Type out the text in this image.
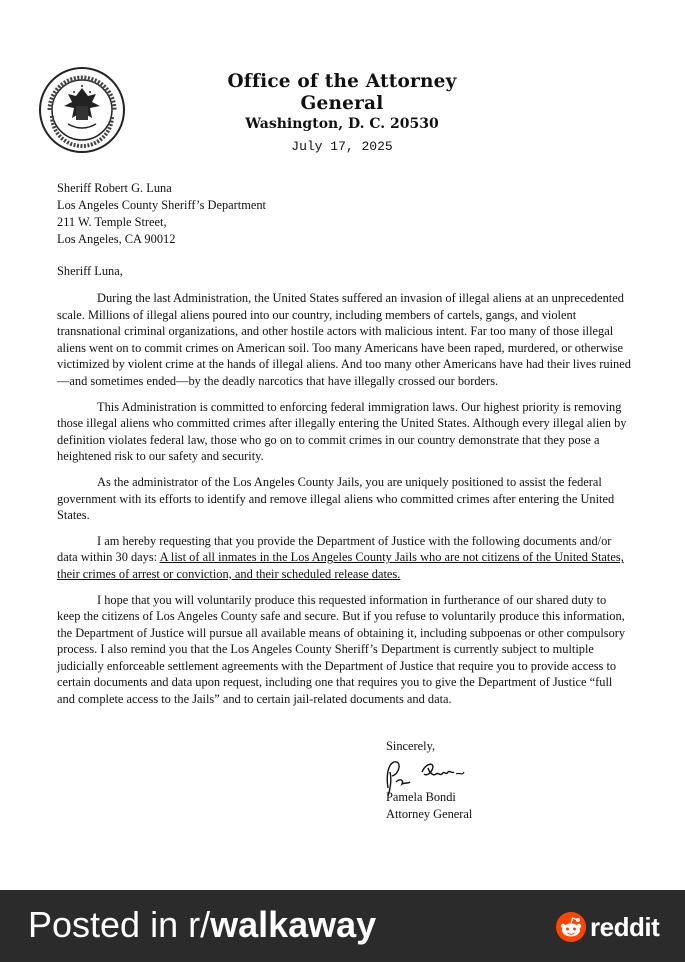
Office of the Attorney General
Washington, D. C. 20530
July 17, 2025
Sheriff Robert G. Luna
Los Angeles County Sheriff’s Department
211 W. Temple Street,
Los Angeles, CA 90012
Sheriff Luna,

During the last Administration, the United States suffered an invasion of illegal aliens at an unprecedented scale. Millions of illegal aliens poured into our country, including members of cartels, gangs, and violent transnational criminal organizations, and other hostile actors with malicious intent. Far too many of those illegal aliens went on to commit crimes on American soil. Too many Americans have been raped, murdered, or otherwise victimized by violent crime at the hands of illegal aliens. And too many other Americans have had their lives ruined—and sometimes ended—by the deadly narcotics that have illegally crossed our borders.

This Administration is committed to enforcing federal immigration laws. Our highest priority is removing those illegal aliens who committed crimes after illegally entering the United States. Although every illegal alien by definition violates federal law, those who go on to commit crimes in our country demonstrate that they pose a heightened risk to our safety and security.

As the administrator of the Los Angeles County Jails, you are uniquely positioned to assist the federal government with its efforts to identify and remove illegal aliens who committed crimes after entering the United States.

I am hereby requesting that you provide the Department of Justice with the following documents and/or data within 30 days: A list of all inmates in the Los Angeles County Jails who are not citizens of the United States, their crimes of arrest or conviction, and their scheduled release dates.

I hope that you will voluntarily produce this requested information in furtherance of our shared duty to keep the citizens of Los Angeles County safe and secure. But if you refuse to voluntarily produce this information, the Department of Justice will pursue all available means of obtaining it, including subpoenas or other compulsory process. I also remind you that the Los Angeles County Sheriff’s Department is currently subject to multiple judicially enforceable settlement agreements with the Department of Justice that require you to provide access to certain documents and data upon request, including one that requires you to give the Department of Justice “full and complete access to the Jails” and to certain jail-related documents and data.

Sincerely,
Pamela Bondi
Attorney General
Posted in r/walkaway	reddit
